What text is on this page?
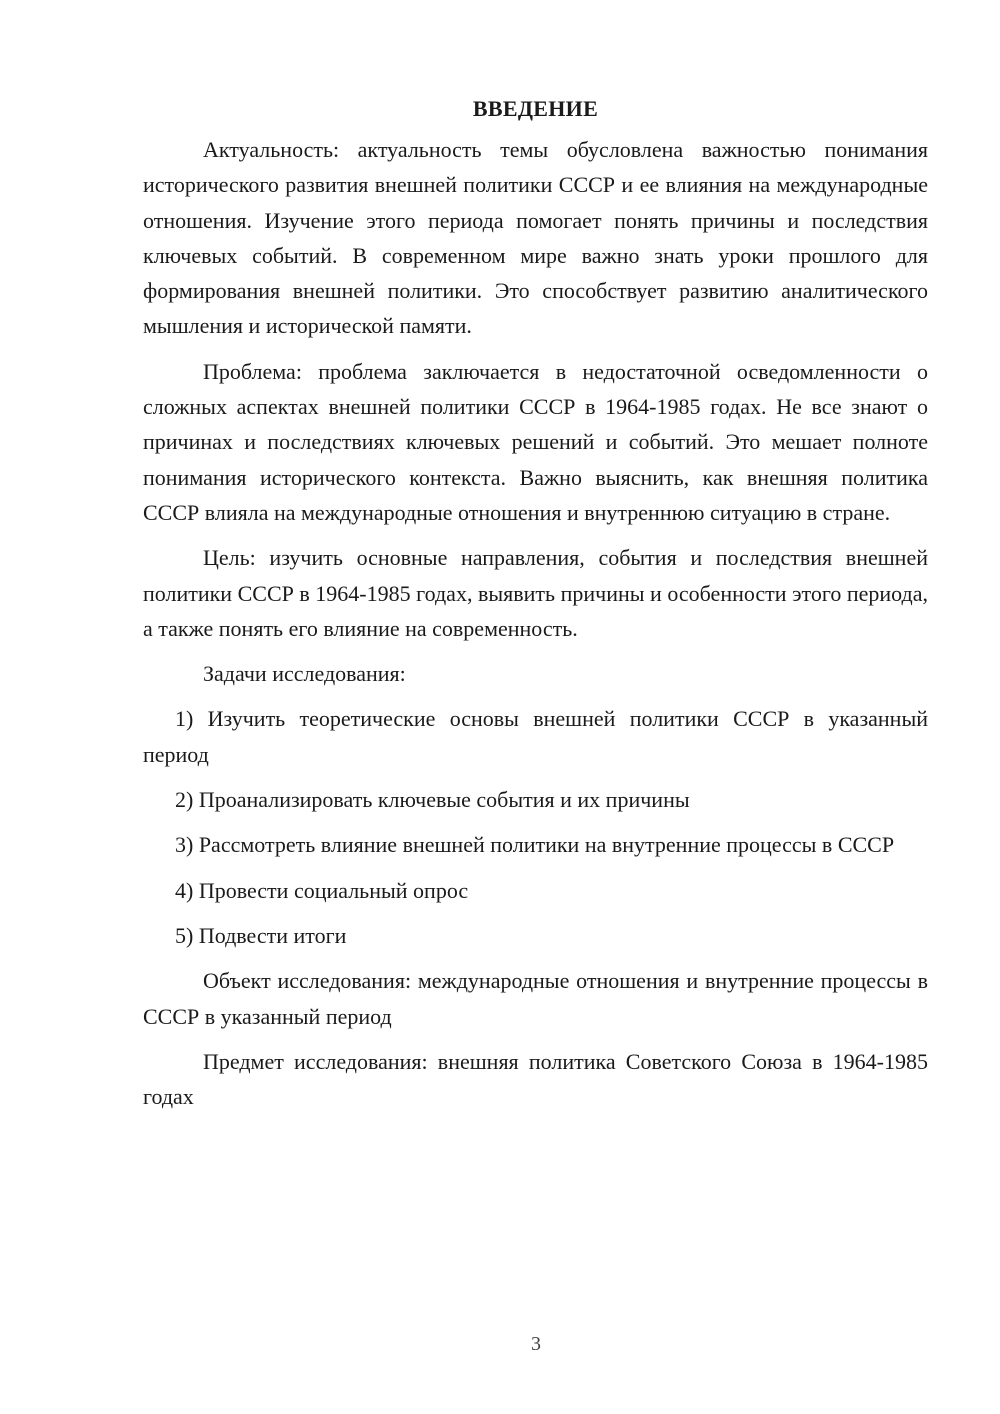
ВВЕДЕНИЕ

Актуальность: актуальность темы обусловлена важностью понимания исторического развития внешней политики СССР и ее влияния на международные отношения. Изучение этого периода помогает понять причины и последствия ключевых событий. В современном мире важно знать уроки прошлого для формирования внешней политики. Это способствует развитию аналитического мышления и исторической памяти.

Проблема: проблема заключается в недостаточной осведомленности о сложных аспектах внешней политики СССР в 1964-1985 годах. Не все знают о причинах и последствиях ключевых решений и событий. Это мешает полноте понимания исторического контекста. Важно выяснить, как внешняя политика СССР влияла на международные отношения и внутреннюю ситуацию в стране.

Цель: изучить основные направления, события и последствия внешней политики СССР в 1964-1985 годах, выявить причины и особенности этого периода, а также понять его влияние на современность.

Задачи исследования:

1) Изучить теоретические основы внешней политики СССР в указанный период

2) Проанализировать ключевые события и их причины

3) Рассмотреть влияние внешней политики на внутренние процессы в СССР

4) Провести социальный опрос

5) Подвести итоги

Объект исследования: международные отношения и внутренние процессы в СССР в указанный период

Предмет исследования: внешняя политика Советского Союза в 1964-1985 годах

3
